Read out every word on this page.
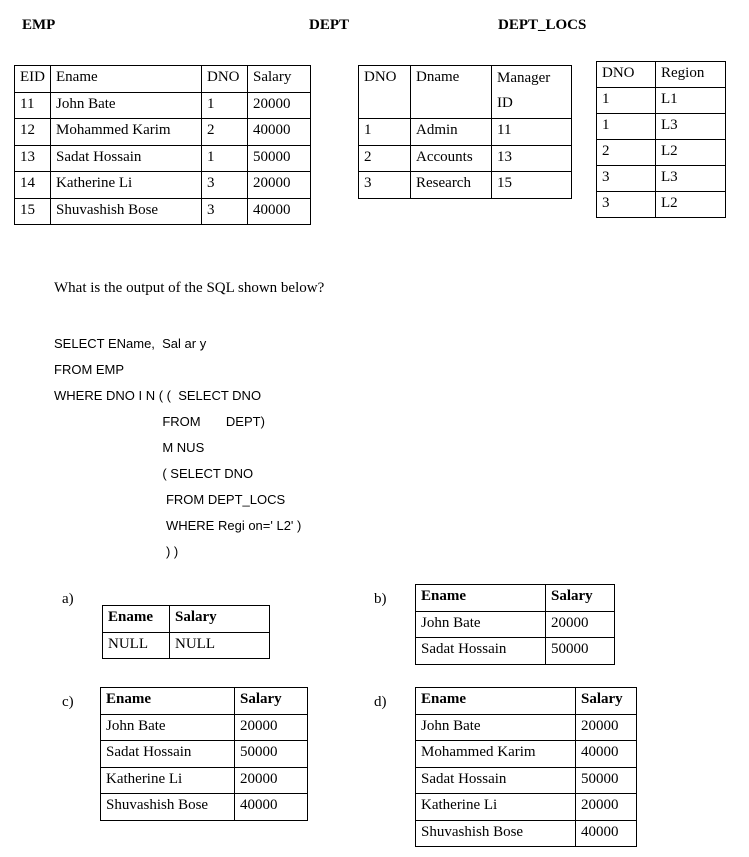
EMP	DEPT	DEPT_LOCS
EID	Ename	DNO	Salary
11	John Bate	1	20000
12	Mohammed Karim	2	40000
13	Sadat Hossain	1	50000
14	Katherine Li	3	20000
15	Shuvashish Bose	3	40000
DNO	Dname	Manager
ID
1	Admin	11
2	Accounts	13
3	Research	15
DNO	Region
1	L1
1	L3
2	L2
3	L3
3	L2
What is the output of the SQL shown below?
SELECT EName,  Sal ar y
FROM EMP
WHERE DNO I N ( (  SELECT DNO
FROM       DEPT)
M NUS
( SELECT DNO
FROM DEPT_LOCS
WHERE Regi on=' L2' )
) )
a)
Ename	Salary
NULL	NULL
b) Ename	Salary
John Bate	20000
Sadat Hossain	50000
c) Ename	Salary
John Bate	20000
Sadat Hossain	50000
Katherine Li	20000
Shuvashish Bose	40000
d) Ename	Salary
John Bate	20000
Mohammed Karim	40000
Sadat Hossain	50000
Katherine Li	20000
Shuvashish Bose	40000
